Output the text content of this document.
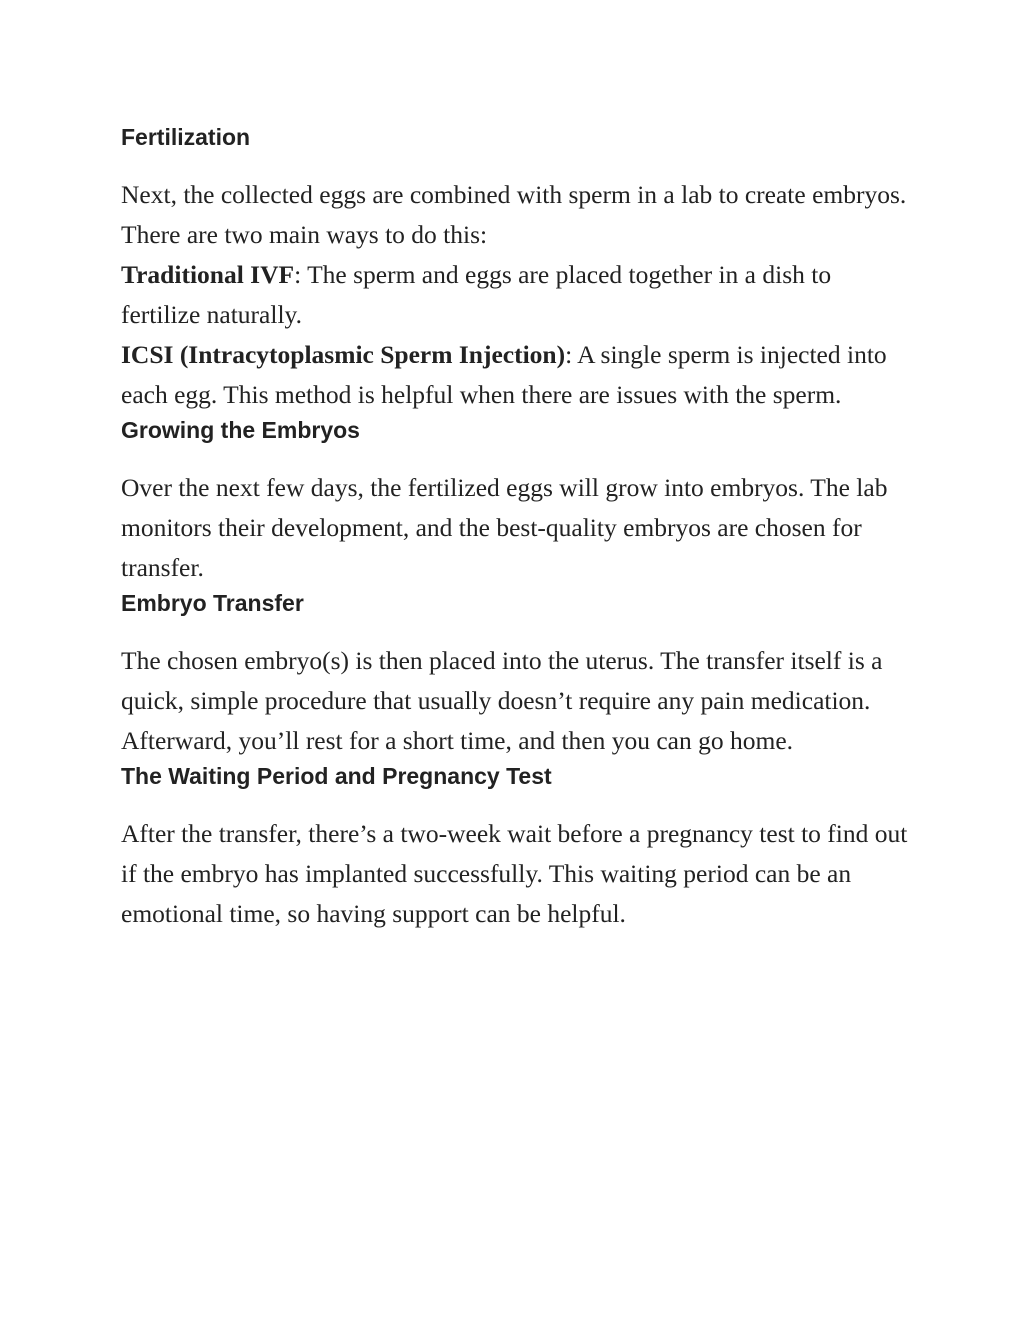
Fertilization

Next, the collected eggs are combined with sperm in a lab to create embryos. There are two main ways to do this:

Traditional IVF: The sperm and eggs are placed together in a dish to fertilize naturally.

ICSI (Intracytoplasmic Sperm Injection): A single sperm is injected into each egg. This method is helpful when there are issues with the sperm.

Growing the Embryos

Over the next few days, the fertilized eggs will grow into embryos. The lab monitors their development, and the best-quality embryos are chosen for transfer.

Embryo Transfer

The chosen embryo(s) is then placed into the uterus. The transfer itself is a quick, simple procedure that usually doesn’t require any pain medication. Afterward, you’ll rest for a short time, and then you can go home.

The Waiting Period and Pregnancy Test

After the transfer, there’s a two-week wait before a pregnancy test to find out if the embryo has implanted successfully. This waiting period can be an emotional time, so having support can be helpful.
